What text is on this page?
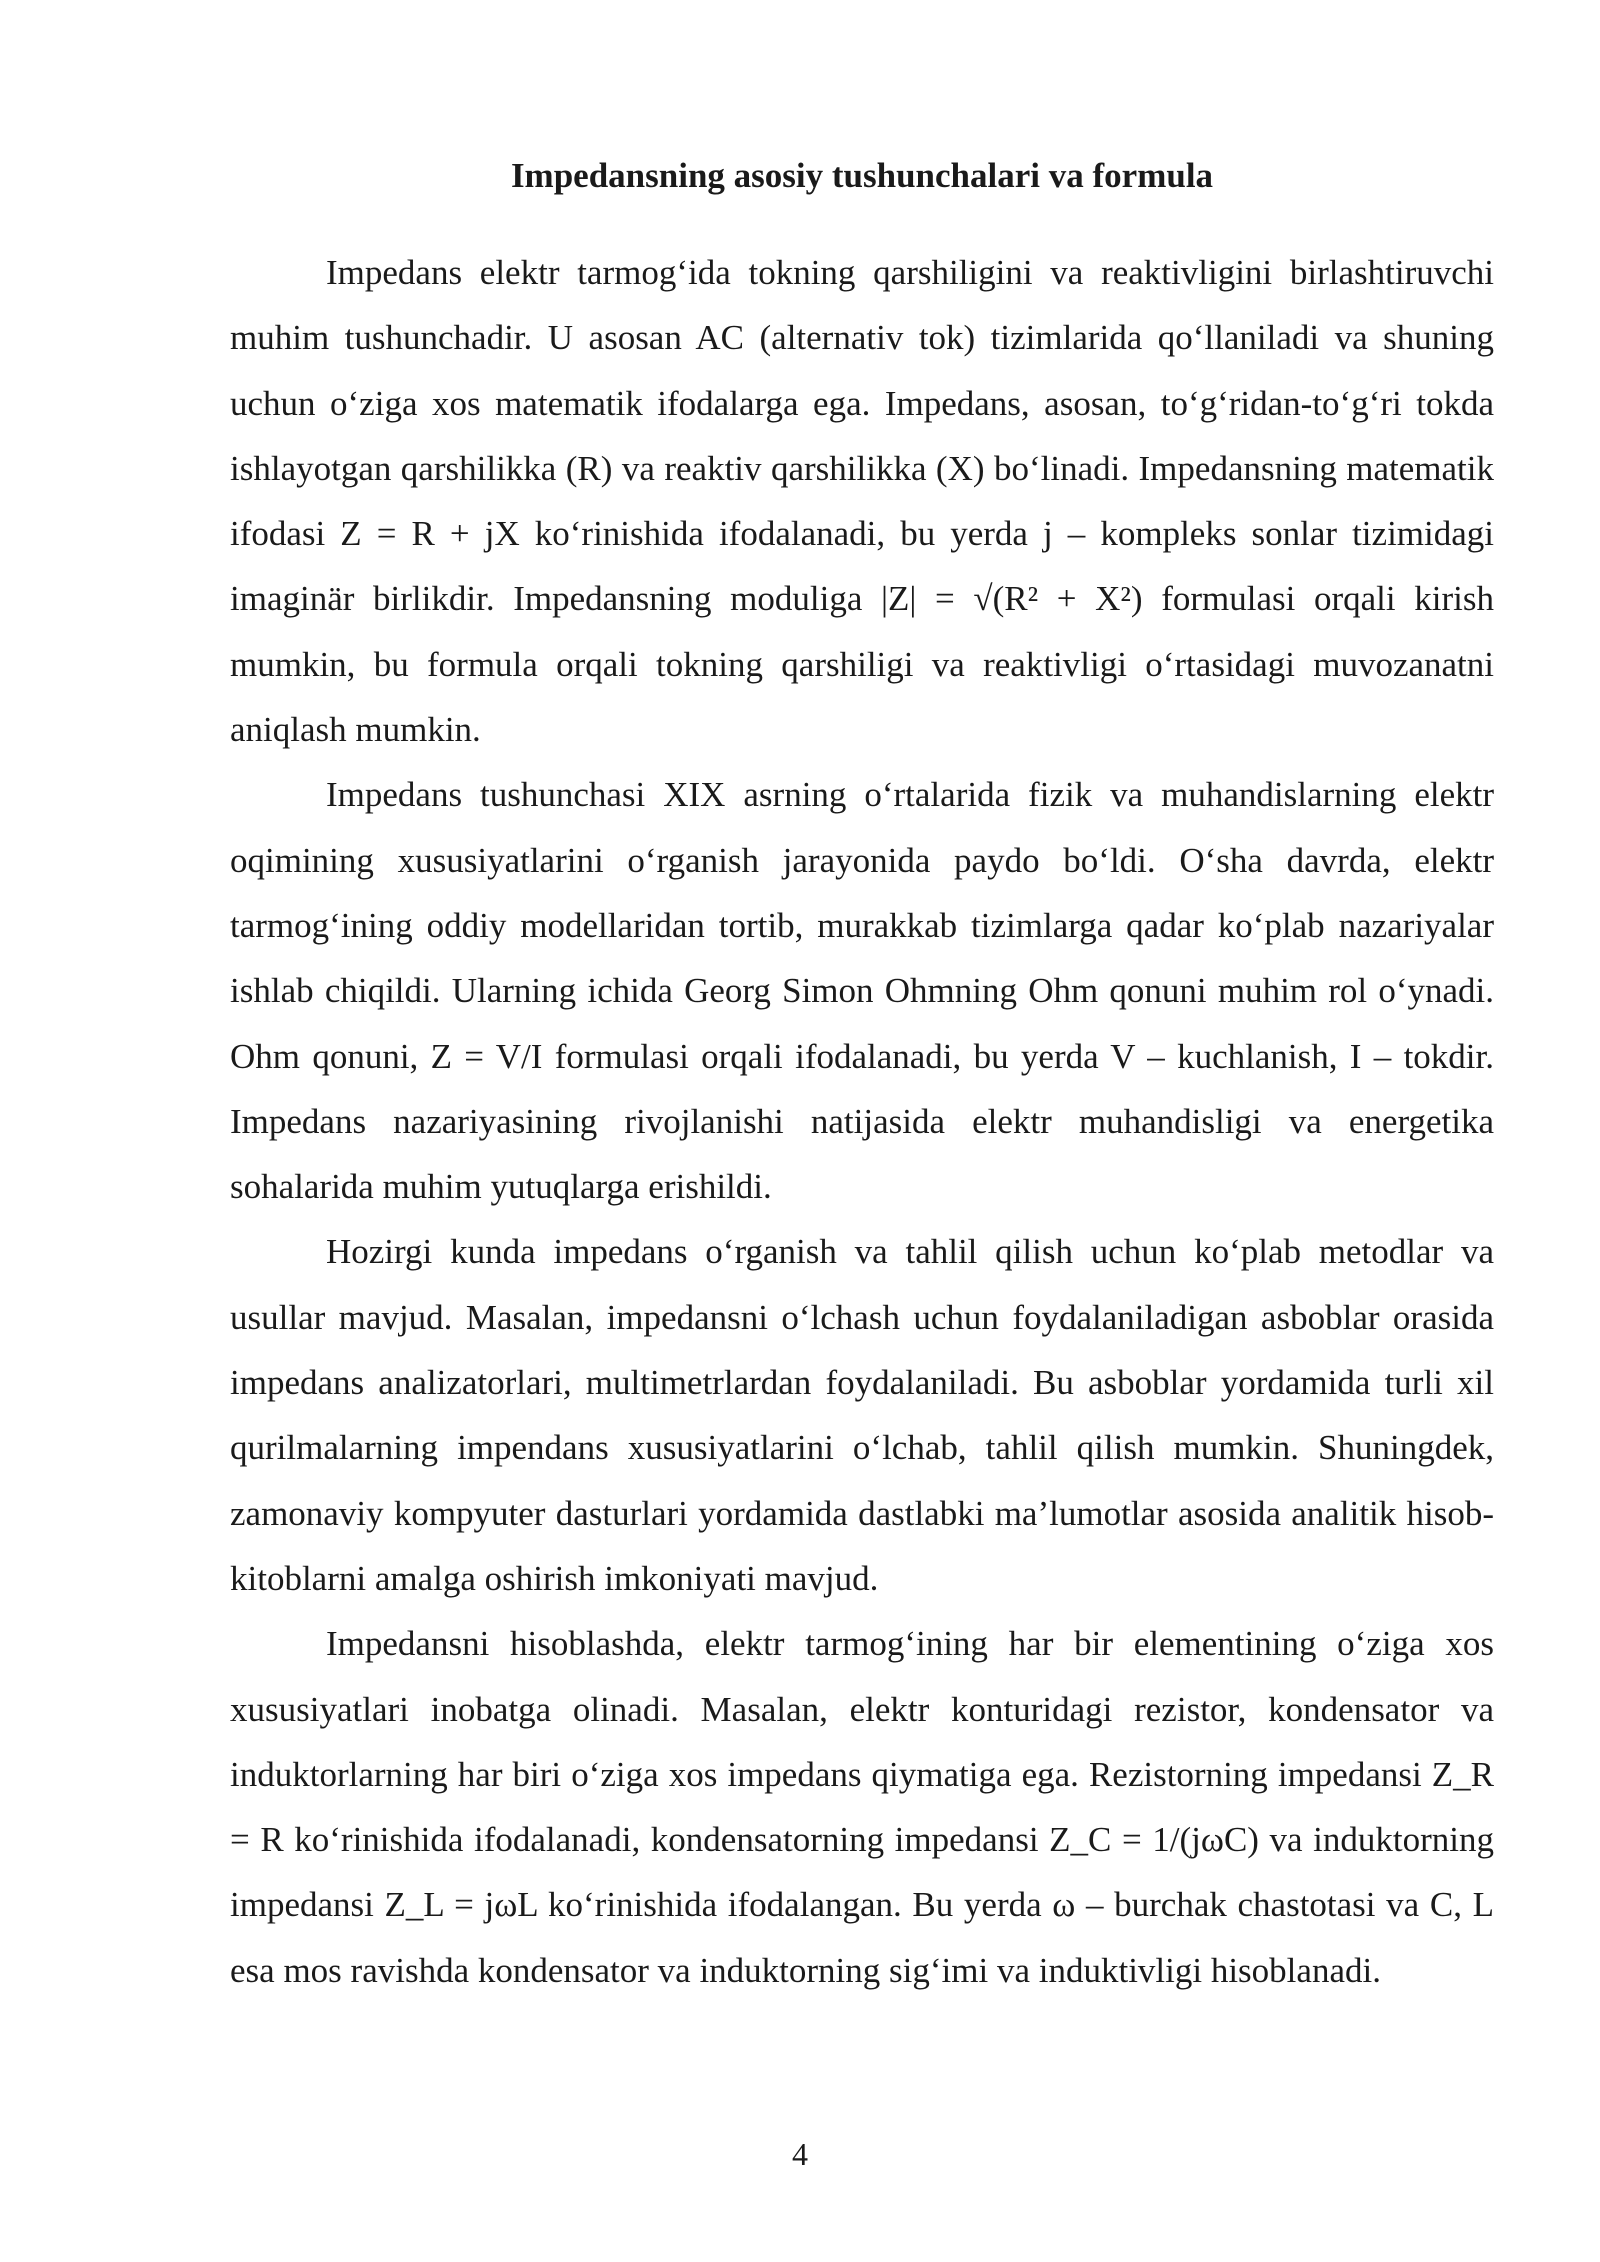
Impedansning asosiy tushunchalari va formula

Impedans elektr tarmog‘ida tokning qarshiligini va reaktivligini birlashtiruvchi muhim tushunchadir. U asosan AC (alternativ tok) tizimlarida qo‘llaniladi va shuning uchun o‘ziga xos matematik ifodalarga ega. Impedans, asosan, to‘g‘ridan-to‘g‘ri tokda ishlayotgan qarshilikka (R) va reaktiv qarshilikka (X) bo‘linadi. Impedansning matematik ifodasi Z = R + jX ko‘rinishida ifodalanadi, bu yerda j – kompleks sonlar tizimidagi imaginär birlikdir. Impedansning moduliga |Z| = √(R² + X²) formulasi orqali kirish mumkin, bu formula orqali tokning qarshiligi va reaktivligi o‘rtasidagi muvozanatni aniqlash mumkin.

Impedans tushunchasi XIX asrning o‘rtalarida fizik va muhandislarning elektr oqimining xususiyatlarini o‘rganish jarayonida paydo bo‘ldi. O‘sha davrda, elektr tarmog‘ining oddiy modellaridan tortib, murakkab tizimlarga qadar ko‘plab nazariyalar ishlab chiqildi. Ularning ichida Georg Simon Ohmning Ohm qonuni muhim rol o‘ynadi. Ohm qonuni, Z = V/I formulasi orqali ifodalanadi, bu yerda V – kuchlanish, I – tokdir. Impedans nazariyasining rivojlanishi natijasida elektr muhandisligi va energetika sohalarida muhim yutuqlarga erishildi.

Hozirgi kunda impedans o‘rganish va tahlil qilish uchun ko‘plab metodlar va usullar mavjud. Masalan, impedansni o‘lchash uchun foydalaniladigan asboblar orasida impedans analizatorlari, multimetrlardan foydalaniladi. Bu asboblar yordamida turli xil qurilmalarning impendans xususiyatlarini o‘lchab, tahlil qilish mumkin. Shuningdek, zamonaviy kompyuter dasturlari yordamida dastlabki ma’lumotlar asosida analitik hisob-kitoblarni amalga oshirish imkoniyati mavjud.

Impedansni hisoblashda, elektr tarmog‘ining har bir elementining o‘ziga xos xususiyatlari inobatga olinadi. Masalan, elektr konturidagi rezistor, kondensator va induktorlarning har biri o‘ziga xos impedans qiymatiga ega. Rezistorning impedansi Z_R = R ko‘rinishida ifodalanadi, kondensatorning impedansi Z_C = 1/(jωC) va induktorning impedansi Z_L = jωL ko‘rinishida ifodalangan. Bu yerda ω – burchak chastotasi va C, L esa mos ravishda kondensator va induktorning sig‘imi va induktivligi hisoblanadi.

4
